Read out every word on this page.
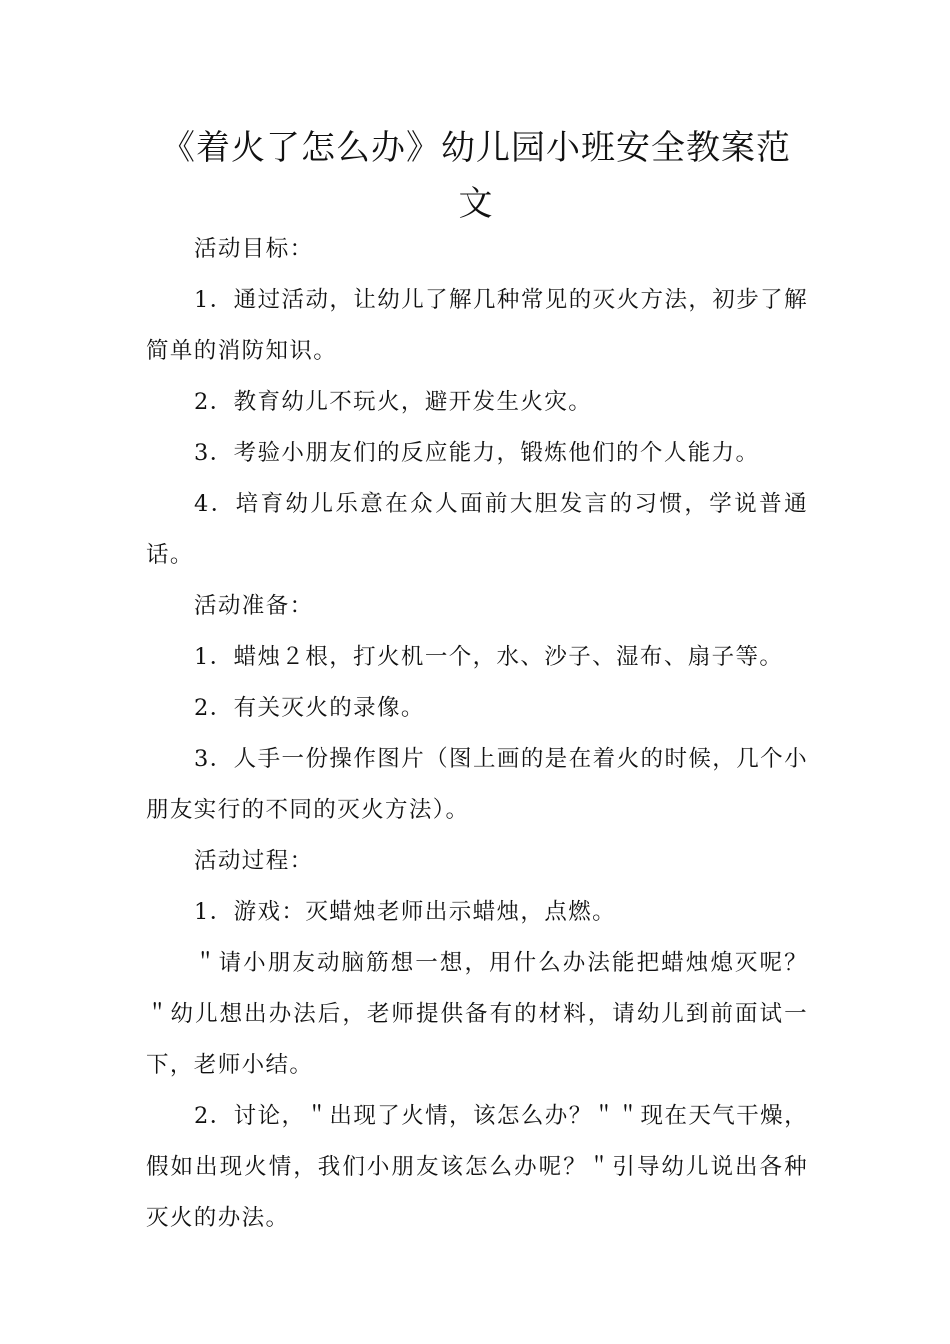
《着火了怎么办》幼儿园小班安全教案范
文

活动目标：

1．通过活动，让幼儿了解几种常见的灭火方法，初步了解简单的消防知识。

2．教育幼儿不玩火，避开发生火灾。

3．考验小朋友们的反应能力，锻炼他们的个人能力。

4．培育幼儿乐意在众人面前大胆发言的习惯，学说普通话。

活动准备：

1．蜡烛２根，打火机一个，水、沙子、湿布、扇子等。

2．有关灭火的录像。

3．人手一份操作图片（图上画的是在着火的时候，几个小朋友实行的不同的灭火方法）。

活动过程：

1．游戏：灭蜡烛老师出示蜡烛，点燃。

＂请小朋友动脑筋想一想，用什么办法能把蜡烛熄灭呢？＂幼儿想出办法后，老师提供备有的材料，请幼儿到前面试一下，老师小结。

2．讨论，＂出现了火情，该怎么办？＂＂现在天气干燥，假如出现火情，我们小朋友该怎么办呢？＂引导幼儿说出各种灭火的办法。
